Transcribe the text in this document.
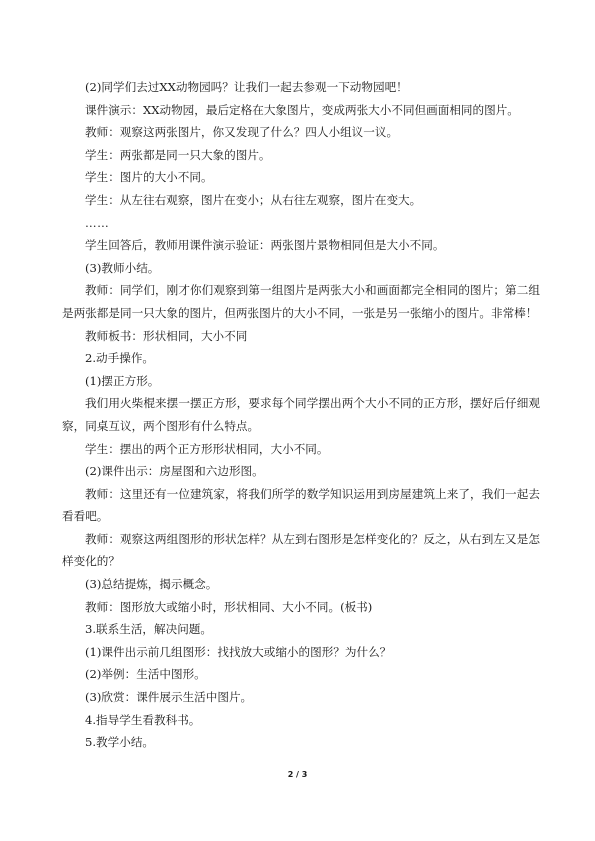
(2)同学们去过XX动物园吗？让我们一起去参观一下动物园吧！

课件演示：XX动物园，最后定格在大象图片，变成两张大小不同但画面相同的图片。

教师：观察这两张图片，你又发现了什么？四人小组议一议。

学生：两张都是同一只大象的图片。

学生：图片的大小不同。

学生：从左往右观察，图片在变小；从右往左观察，图片在变大。

……

学生回答后，教师用课件演示验证：两张图片景物相同但是大小不同。

(3)教师小结。

教师：同学们，刚才你们观察到第一组图片是两张大小和画面都完全相同的图片；第二组是两张都是同一只大象的图片，但两张图片的大小不同，一张是另一张缩小的图片。非常棒！

教师板书：形状相同，大小不同

2.动手操作。

(1)摆正方形。

我们用火柴棍来摆一摆正方形，要求每个同学摆出两个大小不同的正方形，摆好后仔细观察，同桌互议，两个图形有什么特点。

学生：摆出的两个正方形形状相同，大小不同。

(2)课件出示：房屋图和六边形图。

教师：这里还有一位建筑家，将我们所学的数学知识运用到房屋建筑上来了，我们一起去看看吧。

教师：观察这两组图形的形状怎样？从左到右图形是怎样变化的？反之，从右到左又是怎样变化的？

(3)总结提炼，揭示概念。

教师：图形放大或缩小时，形状相同、大小不同。(板书)

3.联系生活，解决问题。

(1)课件出示前几组图形：找找放大或缩小的图形？为什么？

(2)举例：生活中图形。

(3)欣赏：课件展示生活中图片。

4.指导学生看教科书。

5.教学小结。

2 / 3
